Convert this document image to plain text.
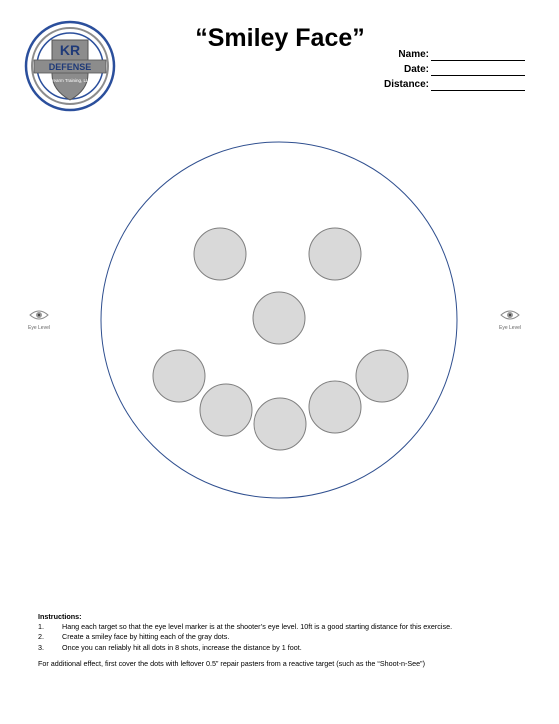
KR
DEFENSE
Firearm Training, LLC
“Smiley Face”
Name:
Date:
Distance:
Eye Level	Eye Level
Instructions:
1.	Hang each target so that the eye level marker is at the shooter’s eye level. 10ft is a good starting distance for this exercise.
2.	Create a smiley face by hitting each of the gray dots.
3.	Once you can reliably hit all dots in 8 shots, increase the distance by 1 foot.
For additional effect, first cover the dots with leftover 0.5” repair pasters from a reactive target (such as the “Shoot-n-See”)
